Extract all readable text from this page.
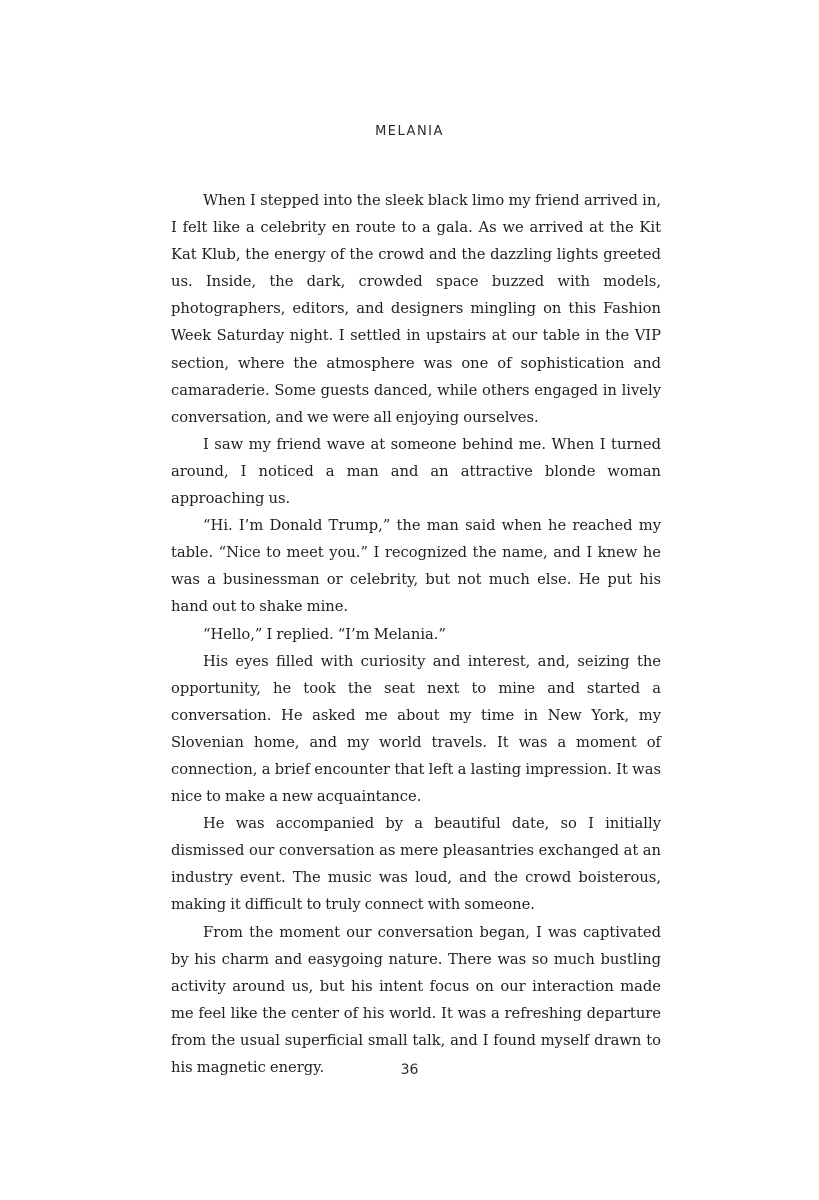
MELANIA

When I stepped into the sleek black limo my friend arrived in, I felt like a celebrity en route to a gala. As we arrived at the Kit Kat Klub, the energy of the crowd and the dazzling lights greeted us. Inside, the dark, crowded space buzzed with models, photographers, editors, and designers mingling on this Fashion Week Saturday night. I settled in upstairs at our table in the VIP section, where the atmosphere was one of sophistication and camaraderie. Some guests danced, while others engaged in lively conversation, and we were all enjoying ourselves.

I saw my friend wave at someone behind me. When I turned around, I noticed a man and an attractive blonde woman approaching us.

“Hi. I’m Donald Trump,” the man said when he reached my table. “Nice to meet you.” I recognized the name, and I knew he was a businessman or celebrity, but not much else. He put his hand out to shake mine.

“Hello,” I replied. “I’m Melania.”

His eyes filled with curiosity and interest, and, seizing the opportunity, he took the seat next to mine and started a conversation. He asked me about my time in New York, my Slovenian home, and my world travels. It was a moment of connection, a brief encounter that left a lasting impression. It was nice to make a new acquaintance.

He was accompanied by a beautiful date, so I initially dismissed our conversation as mere pleasantries exchanged at an industry event. The music was loud, and the crowd boisterous, making it difficult to truly connect with someone.

From the moment our conversation began, I was captivated by his charm and easygoing nature. There was so much bustling activity around us, but his intent focus on our interaction made me feel like the center of his world. It was a refreshing departure from the usual superficial small talk, and I found myself drawn to his magnetic energy.	36
